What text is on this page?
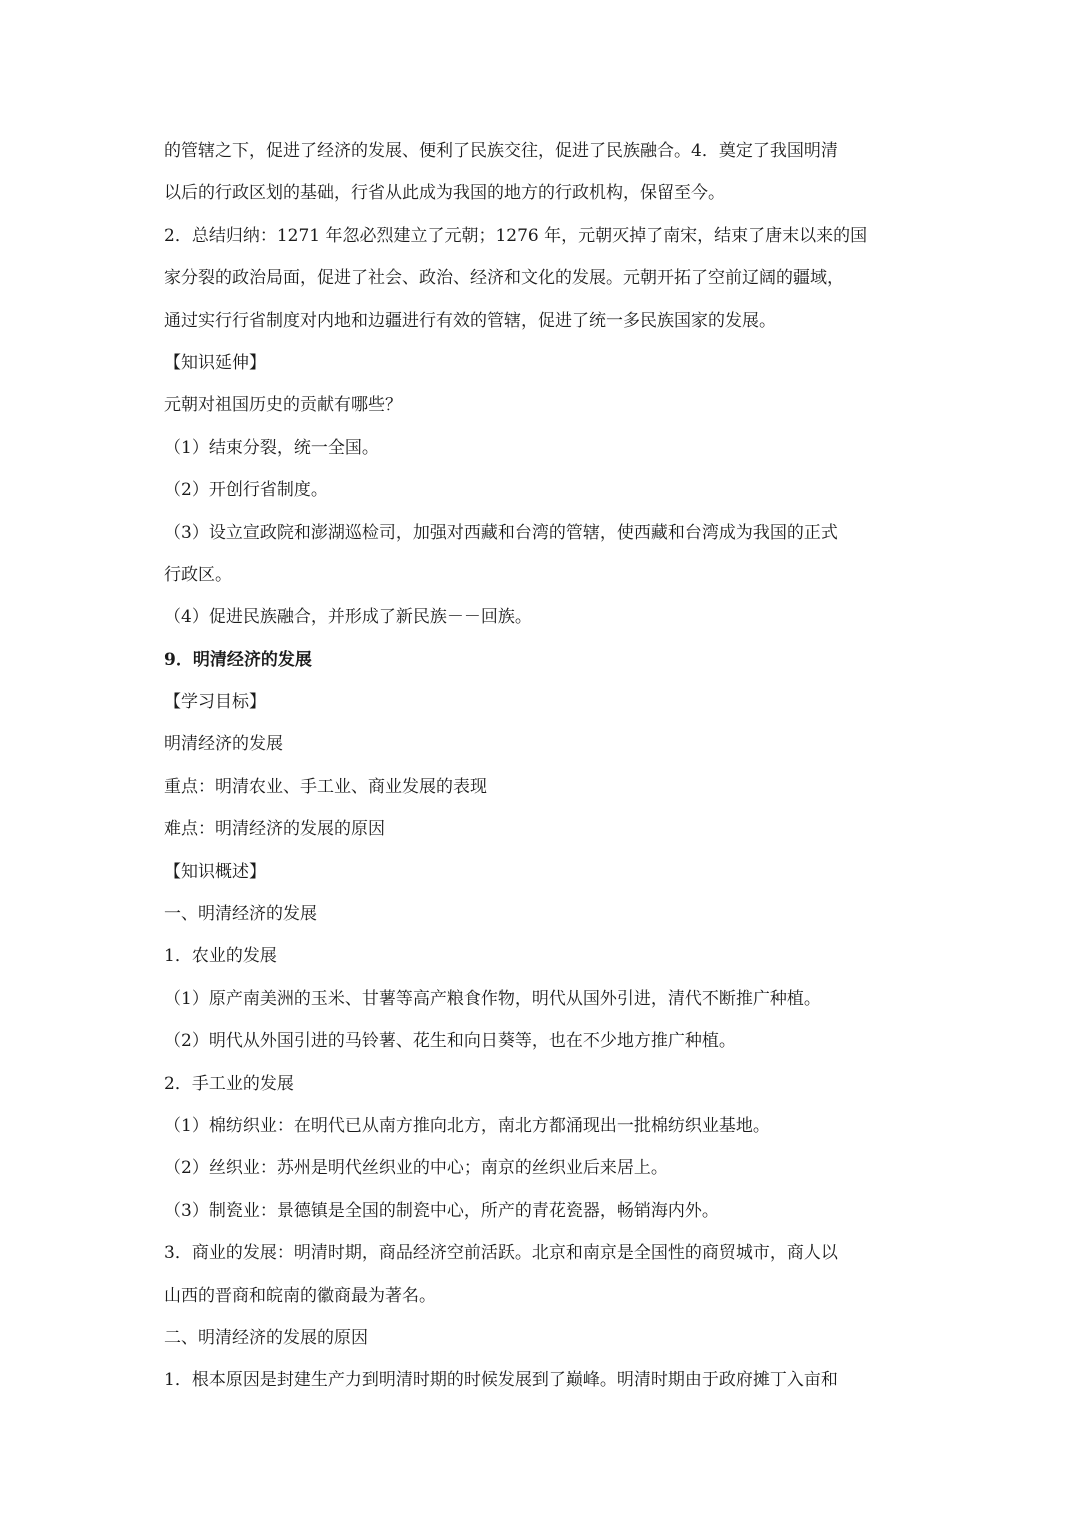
的管辖之下，促进了经济的发展、便利了民族交往，促进了民族融合。4．奠定了我国明清

以后的行政区划的基础，行省从此成为我国的地方的行政机构，保留至今。

2．总结归纳：1271 年忽必烈建立了元朝；1276 年，元朝灭掉了南宋，结束了唐末以来的国

家分裂的政治局面，促进了社会、政治、经济和文化的发展。元朝开拓了空前辽阔的疆域，

通过实行行省制度对内地和边疆进行有效的管辖，促进了统一多民族国家的发展。

【知识延伸】

元朝对祖国历史的贡献有哪些？

（1）结束分裂，统一全国。

（2）开创行省制度。

（3）设立宣政院和澎湖巡检司，加强对西藏和台湾的管辖，使西藏和台湾成为我国的正式

行政区。

（4）促进民族融合，并形成了新民族－－回族。

9．明清经济的发展

【学习目标】

明清经济的发展

重点：明清农业、手工业、商业发展的表现

难点：明清经济的发展的原因

【知识概述】

一、明清经济的发展

1．农业的发展

（1）原产南美洲的玉米、甘薯等高产粮食作物，明代从国外引进，清代不断推广种植。

（2）明代从外国引进的马铃薯、花生和向日葵等，也在不少地方推广种植。

2．手工业的发展

（1）棉纺织业：在明代已从南方推向北方，南北方都涌现出一批棉纺织业基地。

（2）丝织业：苏州是明代丝织业的中心；南京的丝织业后来居上。

（3）制瓷业：景德镇是全国的制瓷中心，所产的青花瓷器，畅销海内外。

3．商业的发展：明清时期，商品经济空前活跃。北京和南京是全国性的商贸城市，商人以

山西的晋商和皖南的徽商最为著名。

二、明清经济的发展的原因

1．根本原因是封建生产力到明清时期的时候发展到了巅峰。明清时期由于政府摊丁入亩和
